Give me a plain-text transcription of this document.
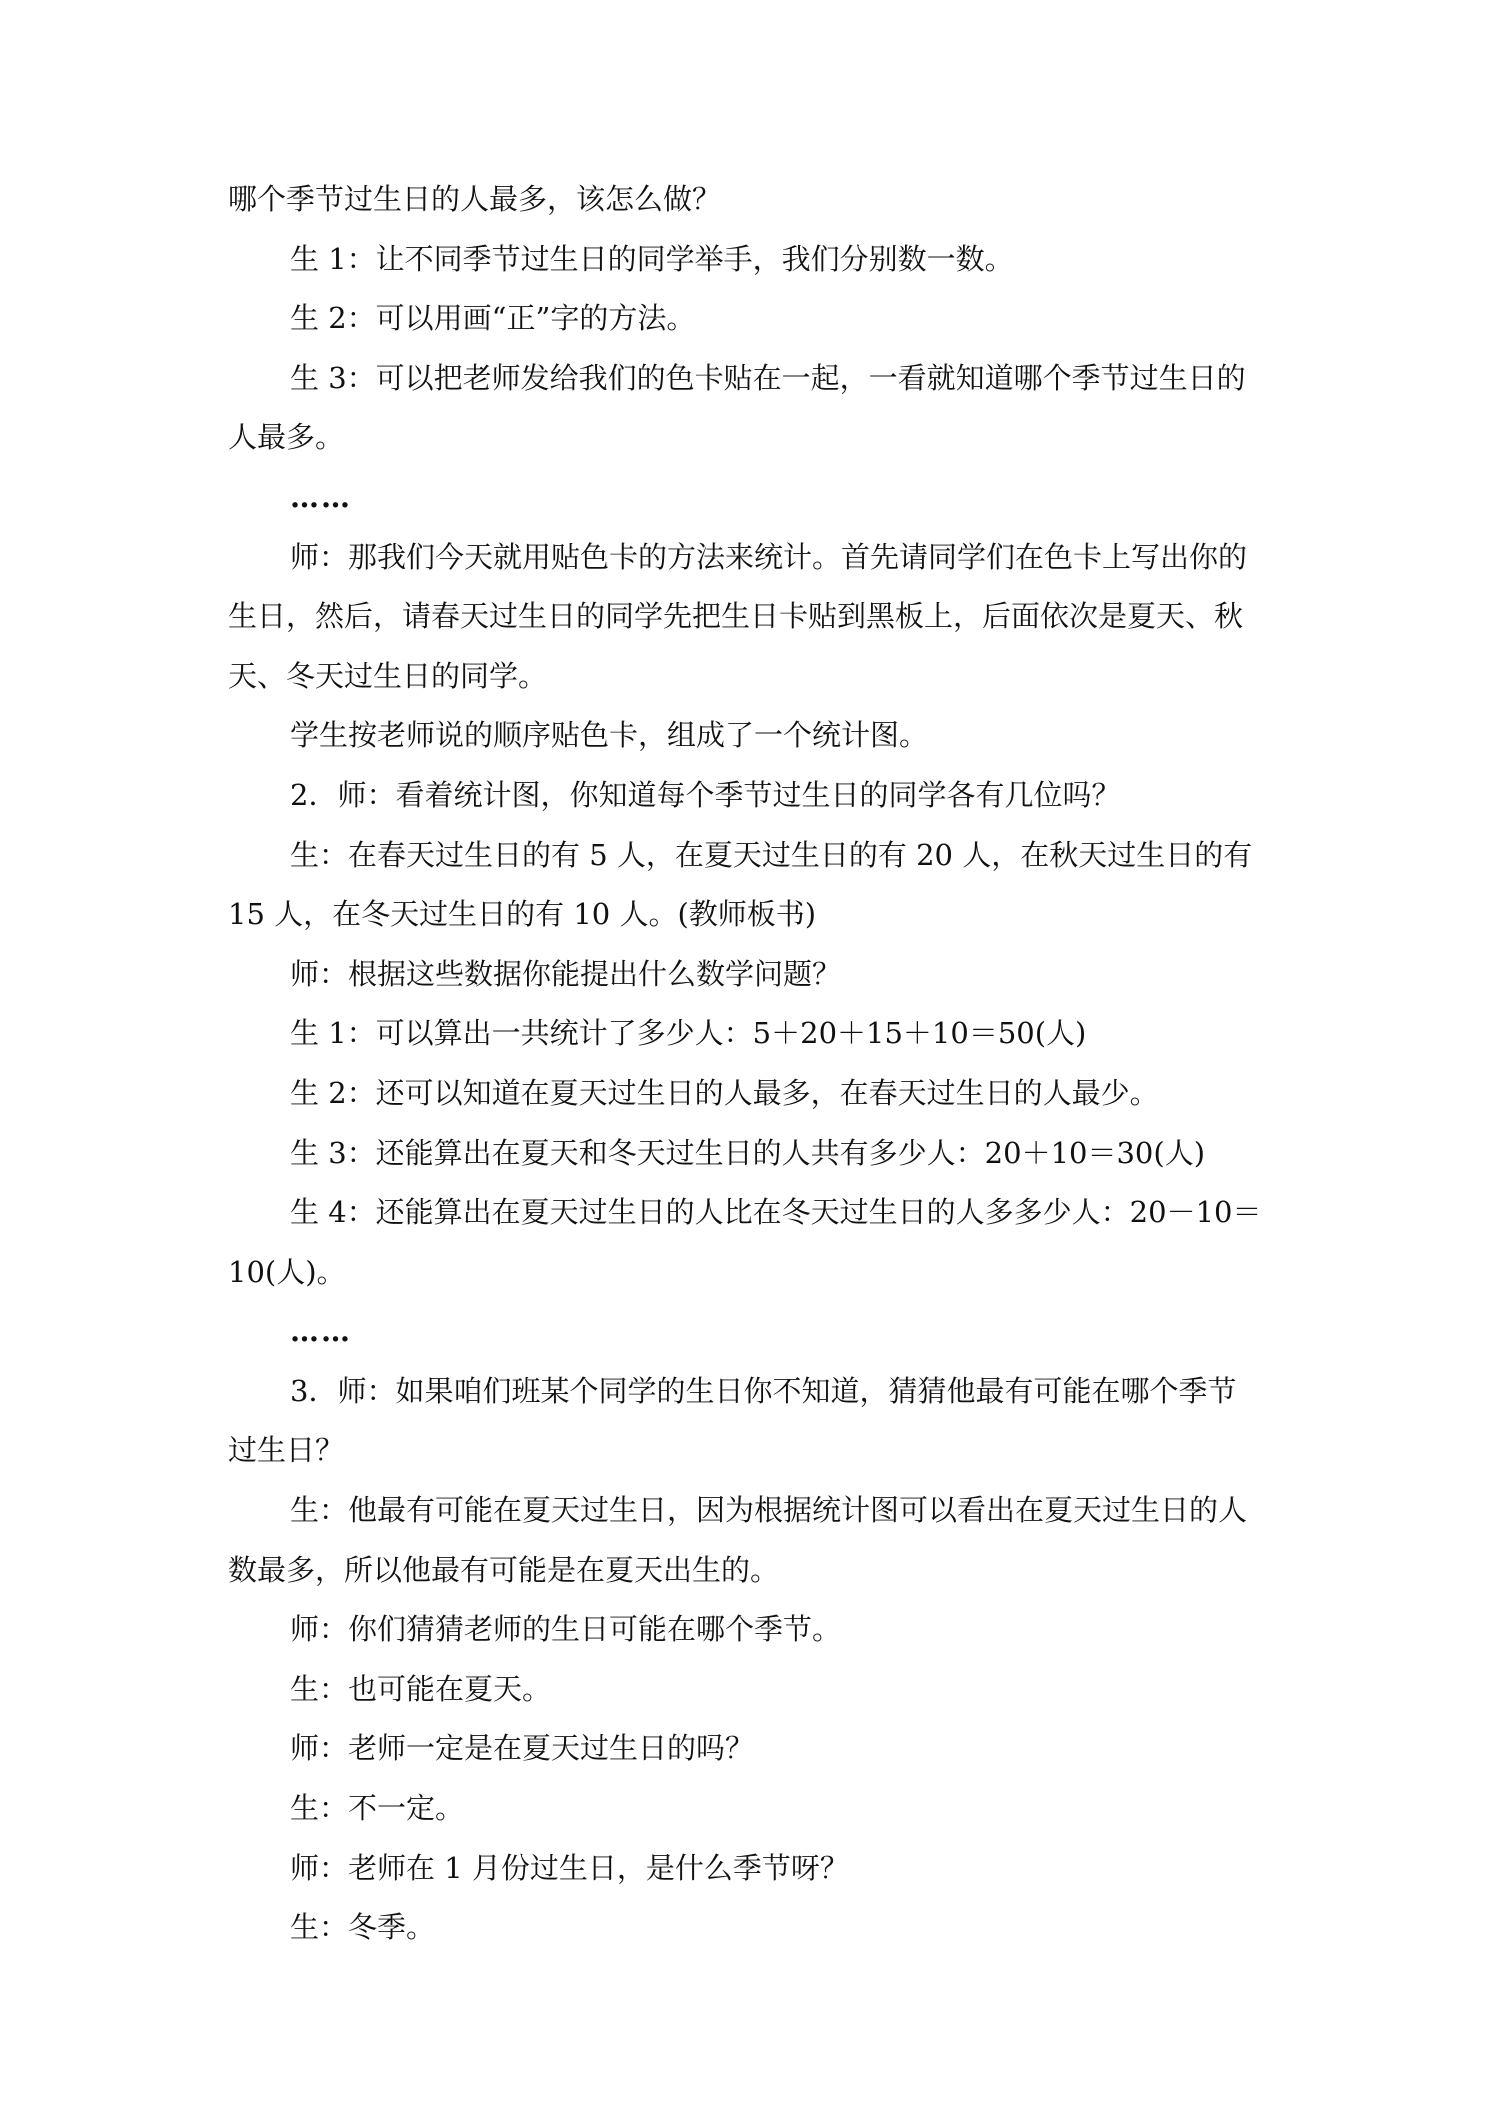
哪个季节过生日的人最多，该怎么做？
生 1：让不同季节过生日的同学举手，我们分别数一数。
生 2：可以用画“正”字的方法。
生 3：可以把老师发给我们的色卡贴在一起，一看就知道哪个季节过生日的
人最多。
……
师：那我们今天就用贴色卡的方法来统计。首先请同学们在色卡上写出你的
生日，然后，请春天过生日的同学先把生日卡贴到黑板上，后面依次是夏天、秋
天、冬天过生日的同学。
学生按老师说的顺序贴色卡，组成了一个统计图。
2．师：看着统计图，你知道每个季节过生日的同学各有几位吗？
生：在春天过生日的有 5 人，在夏天过生日的有 20 人，在秋天过生日的有
15 人，在冬天过生日的有 10 人。(教师板书)
师：根据这些数据你能提出什么数学问题？
生 1：可以算出一共统计了多少人：5＋20＋15＋10＝50(人)
生 2：还可以知道在夏天过生日的人最多，在春天过生日的人最少。
生 3：还能算出在夏天和冬天过生日的人共有多少人：20＋10＝30(人)
生 4：还能算出在夏天过生日的人比在冬天过生日的人多多少人：20－10＝
10(人)。
……
3．师：如果咱们班某个同学的生日你不知道，猜猜他最有可能在哪个季节
过生日？
生：他最有可能在夏天过生日，因为根据统计图可以看出在夏天过生日的人
数最多，所以他最有可能是在夏天出生的。
师：你们猜猜老师的生日可能在哪个季节。
生：也可能在夏天。
师：老师一定是在夏天过生日的吗？
生：不一定。
师：老师在 1 月份过生日，是什么季节呀？
生：冬季。
